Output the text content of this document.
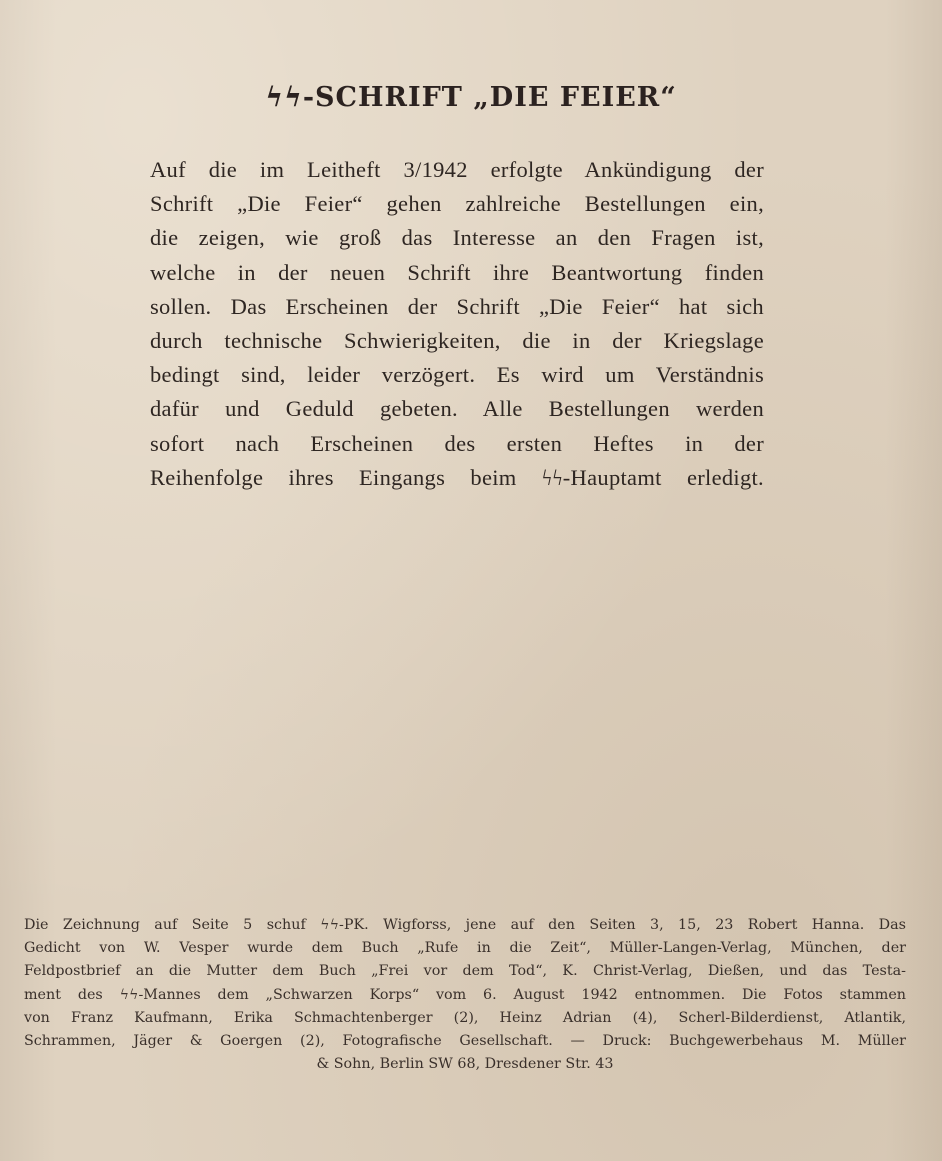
ϟϟ-SCHRIFT „DIE FEIER“
Auf die im Leitheft 3/1942 erfolgte Ankündigung der
Schrift „Die Feier“ gehen zahlreiche Bestellungen ein,
die zeigen, wie groß das Interesse an den Fragen ist,
welche in der neuen Schrift ihre Beantwortung finden
sollen. Das Erscheinen der Schrift „Die Feier“ hat sich
durch technische Schwierigkeiten, die in der Kriegslage
bedingt sind, leider verzögert. Es wird um Verständnis
dafür und Geduld gebeten. Alle Bestellungen werden
sofort nach Erscheinen des ersten Heftes in der
Reihenfolge ihres Eingangs beim ϟϟ-Hauptamt erledigt.
Die Zeichnung auf Seite 5 schuf ϟϟ-PK. Wigforss, jene auf den Seiten 3, 15, 23 Robert Hanna. Das
Gedicht von W. Vesper wurde dem Buch „Rufe in die Zeit“, Müller-Langen-Verlag, München, der
Feldpostbrief an die Mutter dem Buch „Frei vor dem Tod“, K. Christ-Verlag, Dießen, und das Testa-
ment des ϟϟ-Mannes dem „Schwarzen Korps“ vom 6. August 1942 entnommen. Die Fotos stammen
von Franz Kaufmann, Erika Schmachtenberger (2), Heinz Adrian (4), Scherl-Bilderdienst, Atlantik,
Schrammen, Jäger & Goergen (2), Fotografische Gesellschaft. — Druck: Buchgewerbehaus M. Müller
& Sohn, Berlin SW 68, Dresdener Str. 43
